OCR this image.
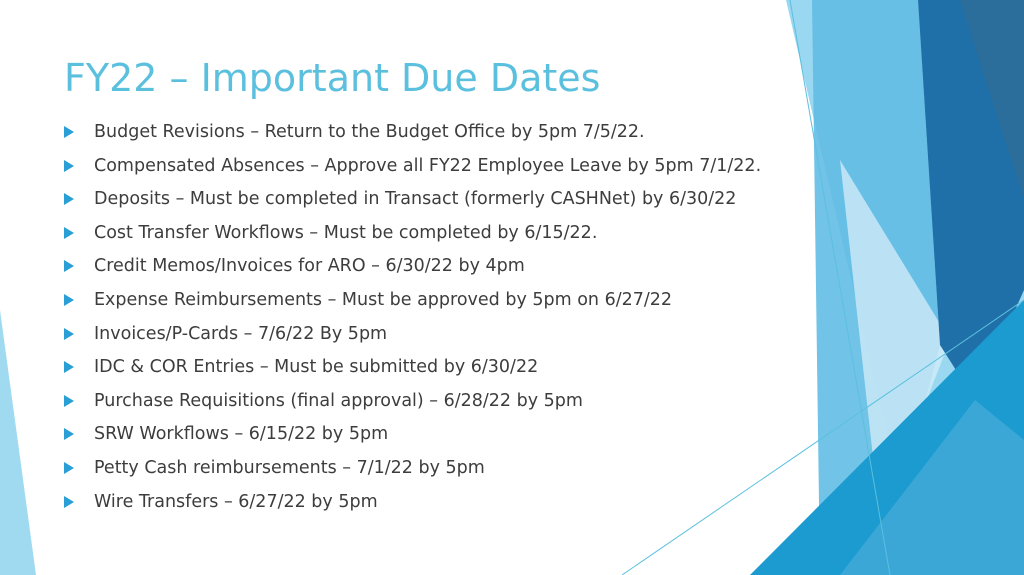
FY22 – Important Due Dates
Budget Revisions – Return to the Budget Office by 5pm 7/5/22.
Compensated Absences – Approve all FY22 Employee Leave by 5pm 7/1/22.
Deposits – Must be completed in Transact (formerly CASHNet) by 6/30/22
Cost Transfer Workflows – Must be completed by 6/15/22.
Credit Memos/Invoices for ARO – 6/30/22 by 4pm
Expense Reimbursements – Must be approved by 5pm on 6/27/22
Invoices/P-Cards – 7/6/22 By 5pm
IDC & COR Entries – Must be submitted by 6/30/22
Purchase Requisitions (final approval) – 6/28/22 by 5pm
SRW Workflows – 6/15/22 by 5pm
Petty Cash reimbursements – 7/1/22 by 5pm
Wire Transfers – 6/27/22 by 5pm
